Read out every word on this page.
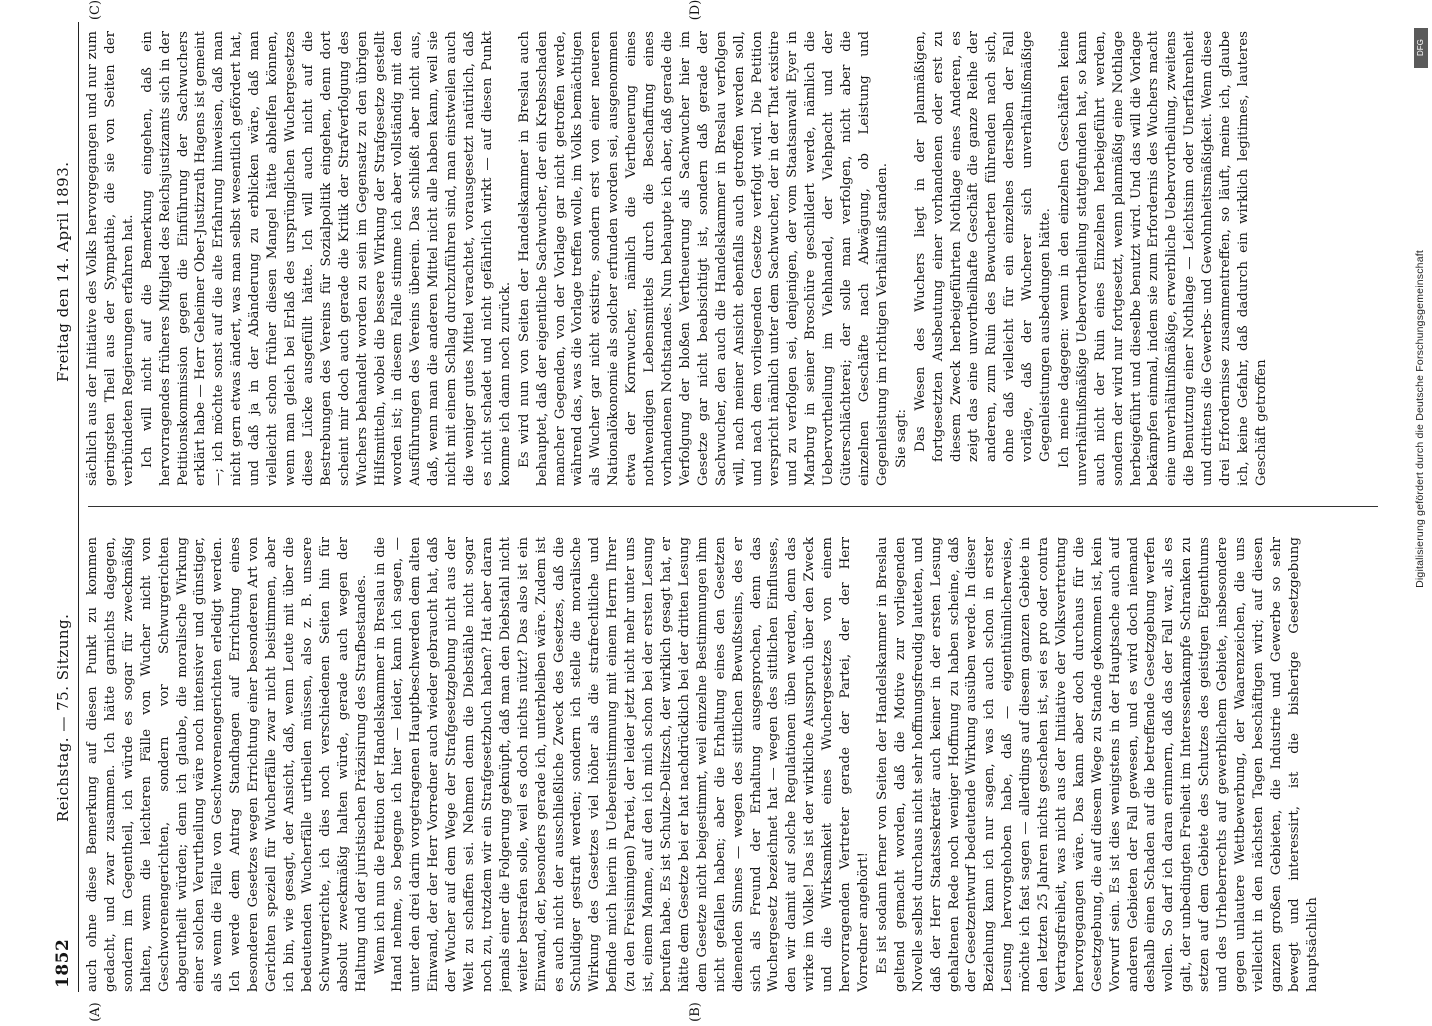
1852
Reichstag. — 75. Sitzung.
Freitag den 14. April 1893.

auch ohne diese Bemerkung auf diesen Punkt zu kommen gedacht, und zwar zusammen. Ich hätte garnichts dagegen, sondern im Gegentheil, ich würde es sogar für zweckmäßig halten, wenn die leichteren Fälle von Wucher nicht von Geschworenengerichten, sondern vor Schwurgerichten abgeurtheilt würden; denn ich glaube, die moralische Wirkung einer solchen Verurtheilung wäre noch intensiver und günstiger, als wenn die Fälle von Geschworenengerichten erledigt werden. Ich werde dem Antrag Standhagen auf Errichtung eines besonderen Gesetzes wegen Errichtung einer besonderen Art von Gerichten speziell für Wucherfälle zwar nicht beistimmen, aber ich bin, wie gesagt, der Ansicht, daß, wenn Leute mit über die bedeutenden Wucherfälle urtheilen müssen, also z. B. unsere Schwurgerichte, ich dies noch verschiedenen Seiten hin für absolut zweckmäßig halten würde, gerade auch wegen der Haltung und der juristischen Präzisirung des Strafbestandes. Wenn ich nun die Petition der Handelskammer in Breslau in die Hand nehme, so begegne ich hier — leider, kann ich sagen, — unter den drei darin vorgetragenen Hauptbeschwerden dem alten Einwand, der der Herr Vorredner auch wieder gebraucht hat, daß der Wucher auf dem Wege der Strafgesetzgebung nicht aus der Welt zu schaffen sei. Nehmen denn die Diebstähle nicht sogar noch zu, trotzdem wir ein Strafgesetzbuch haben? Hat aber daran jemals einer die Folgerung geknüpft, daß man den Diebstahl nicht weiter bestrafen solle, weil es doch nichts nützt? Das also ist ein Einwand, der, besonders gerade ich, unterbleiben wäre. Zudem ist es auch nicht der ausschließliche Zweck des Gesetzes, daß die Schuldiger gestraft werden; sondern ich stelle die moralische Wirkung des Gesetzes viel höher als die strafrechtliche und befinde mich hierin in Uebereinstimmung mit einem Herrn Ihrer (zu den Freisinnigen) Partei, der leider jetzt nicht mehr unter uns ist, einem Manne, auf den ich mich schon bei der ersten Lesung berufen habe. Es ist Schulze-Delitzsch, der wirklich gesagt hat, er hätte dem Gesetze bei er hat nachdrücklich bei der dritten Lesung dem Gesetze nicht beigestimmt, weil einzelne Bestimmungen ihm nicht gefallen haben; aber die Erhaltung eines den Gesetzen dienenden Sinnes — wegen des sittlichen Bewußtseins, des er sich als Freund der Erhaltung ausgesprochen, denn das Wuchergesetz bezeichnet hat — wegen des sittlichen Einflusses, den wir damit auf solche Regulationen üben werden, denn das wirke im Volke! Das ist der wirkliche Ausspruch über den Zweck und die Wirksamkeit eines Wuchergesetzes von einem hervorragenden Vertreter gerade der Partei, der der Herr Vorredner angehört! Es ist sodann ferner von Seiten der Handelskammer in Breslau geltend gemacht worden, daß die Motive zur vorliegenden Novelle selbst durchaus nicht sehr hoffnungsfreudig lauteten, und daß der Herr Staatssekretär auch keiner in der ersten Lesung gehaltenen Rede noch weniger Hoffnung zu haben scheine, daß der Gesetzentwurf bedeutende Wirkung ausüben werde. In dieser Beziehung kann ich nur sagen, was ich auch schon in erster Lesung hervorgehoben habe, daß — eigenthümlicherweise, möchte ich fast sagen — allerdings auf diesem ganzen Gebiete in den letzten 25 Jahren nichts geschehen ist, sei es pro oder contra Vertragsfreiheit, was nicht aus der Initiative der Volksvertretung hervorgegangen wäre. Das kann aber doch durchaus für die Gesetzgebung, die auf diesem Wege zu Stande gekommen ist, kein Vorwurf sein. Es ist dies wenigstens in der Hauptsache auch auf anderen Gebieten der Fall gewesen, und es wird doch niemand deshalb einen Schaden auf die betreffende Gesetzgebung werfen wollen. So darf ich daran erinnern, daß das der Fall war, als es galt, der unbedingten Freiheit im Interessenkampfe Schranken zu setzen auf dem Gebiete des Schutzes des geistigen Eigenthums und des Urheberrechts auf gewerblichem Gebiete, insbesondere gegen unlautere Wettbewerbung, der Waarenzeichen, die uns vielleicht in den nächsten Tagen beschäftigen wird; auf diesen ganzen großen Gebieten, die Industrie und Gewerbe so sehr bewegt und interessirt, ist die bisherige Gesetzgebung hauptsächlich

sächlich aus der Initiative des Volks hervorgegangen und nur zum geringsten Theil aus der Sympathie, die sie von Seiten der verbündeten Regierungen erfahren hat. Ich will nicht auf die Bemerkung eingehen, daß ein hervorragendes früheres Mitglied des Reichsjustizamts sich in der Petitionskommission gegen die Einführung der Sachwuchers erklärt habe — Herr Geheimer Ober-Justizrath Hagens ist gemeint —; ich möchte sonst auf die alte Erfahrung hinweisen, daß man nicht gern etwas ändert, was man selbst wesentlich gefördert hat, und daß ja in der Abänderung zu erblicken wäre, daß man vielleicht schon früher diesen Mangel hätte abhelfen können, wenn man gleich bei Erlaß des ursprünglichen Wuchergesetzes diese Lücke ausgefüllt hätte. Ich will auch nicht auf die Bestrebungen des Vereins für Sozialpolitik eingehen, denn dort scheint mir doch auch gerade die Kritik der Strafverfolgung des Wuchers behandelt worden zu sein im Gegensatz zu den übrigen Hilfsmitteln, wobei die bessere Wirkung der Strafgesetze gestellt worden ist; in diesem Falle stimme ich aber vollständig mit den Ausführungen des Vereins überein. Das schließt aber nicht aus, daß, wenn man die anderen Mittel nicht alle haben kann, weil sie nicht mit einem Schlag durchzuführen sind, man einstweilen auch die weniger gutes Mittel verachtet, vorausgesetzt natürlich, daß es nicht schadet und nicht gefährlich wirkt — auf diesen Punkt komme ich dann noch zurück. Es wird nun von Seiten der Handelskammer in Breslau auch behauptet, daß der eigentliche Sachwucher, der ein Krebsschaden mancher Gegenden, von der Vorlage gar nicht getroffen werde, während das, was die Vorlage treffen wolle, im Volks bemächtigen als Wucher gar nicht existire, sondern erst von einer neueren Nationalökonomie als solcher erfunden worden sei, ausgenommen etwa der Kornwucher, nämlich die Vertheuerung eines nothwendigen Lebensmittels durch die Beschaffung eines vorhandenen Nothstandes. Nun behaupte ich aber, daß gerade die Verfolgung der bloßen Vertheuerung als Sachwucher hier im Gesetze gar nicht beabsichtigt ist, sondern daß gerade der Sachwucher, den auch die Handelskammer in Breslau verfolgen will, nach meiner Ansicht ebenfalls auch getroffen werden soll, und nach dem vorliegenden Gesetze verfolgt wird. Die Petition verspricht nämlich unter dem Sachwucher, der in der That existire und zu verfolgen sei, denjenigen, der vom Staatsanwalt Eyer in Marburg in seiner Broschüre geschildert werde, nämlich die Uebervortheilung im Viehhandel, der Viehpacht und der Güterschlächterei; der solle man verfolgen, nicht aber die einzelnen Geschäfte nach Abwägung, ob Leistung und Gegenleistung im richtigen Verhältniß standen. Sie sagt: Das Wesen des Wuchers liegt in der planmäßigen, fortgesetzten Ausbeutung einer vorhandenen oder erst zu diesem Zweck herbeigeführten Nothlage eines Anderen, es zeigt das eine unvortheilhafte Geschäft die ganze Reihe der anderen, zum Ruin des Bewucherten führenden nach sich, ohne daß vielleicht für ein einzelnes derselben der Fall vorläge, daß der Wucherer sich unverhältnißmäßige Gegenleistungen ausbedungen hätte. Ich meine dagegen: wenn in den einzelnen Geschäften keine unverhältnißmäßige Uebervortheilung stattgefunden hat, so kann auch nicht der Ruin eines Einzelnen herbeigeführt werden, sondern der wird nur fortgesetzt, wenn planmäßig eine Nothlage herbeigeführt und dieselbe benutzt wird. Und das will die Vorlage bekämpfen einmal, indem sie zum Erfordernis des Wuchers macht eine unverhältnißmäßige, erwerbliche Uebervortheilung, zweitens die Benutzung einer Nothlage — Leichtsinn oder Unerfahrenheit und drittens die Gewerbs- und Gewohnheitsmäßigkeit. Wenn diese drei Erfordernisse zusammentreffen, so läuft, meine ich, glaube ich, keine Gefahr, daß dadurch ein wirklich legitimes, lauteres Geschäft getroffen

(A)	(B)
(C)	(D)
DFG
Digitalisierung gefördert durch die Deutsche Forschungsgemeinschaft
